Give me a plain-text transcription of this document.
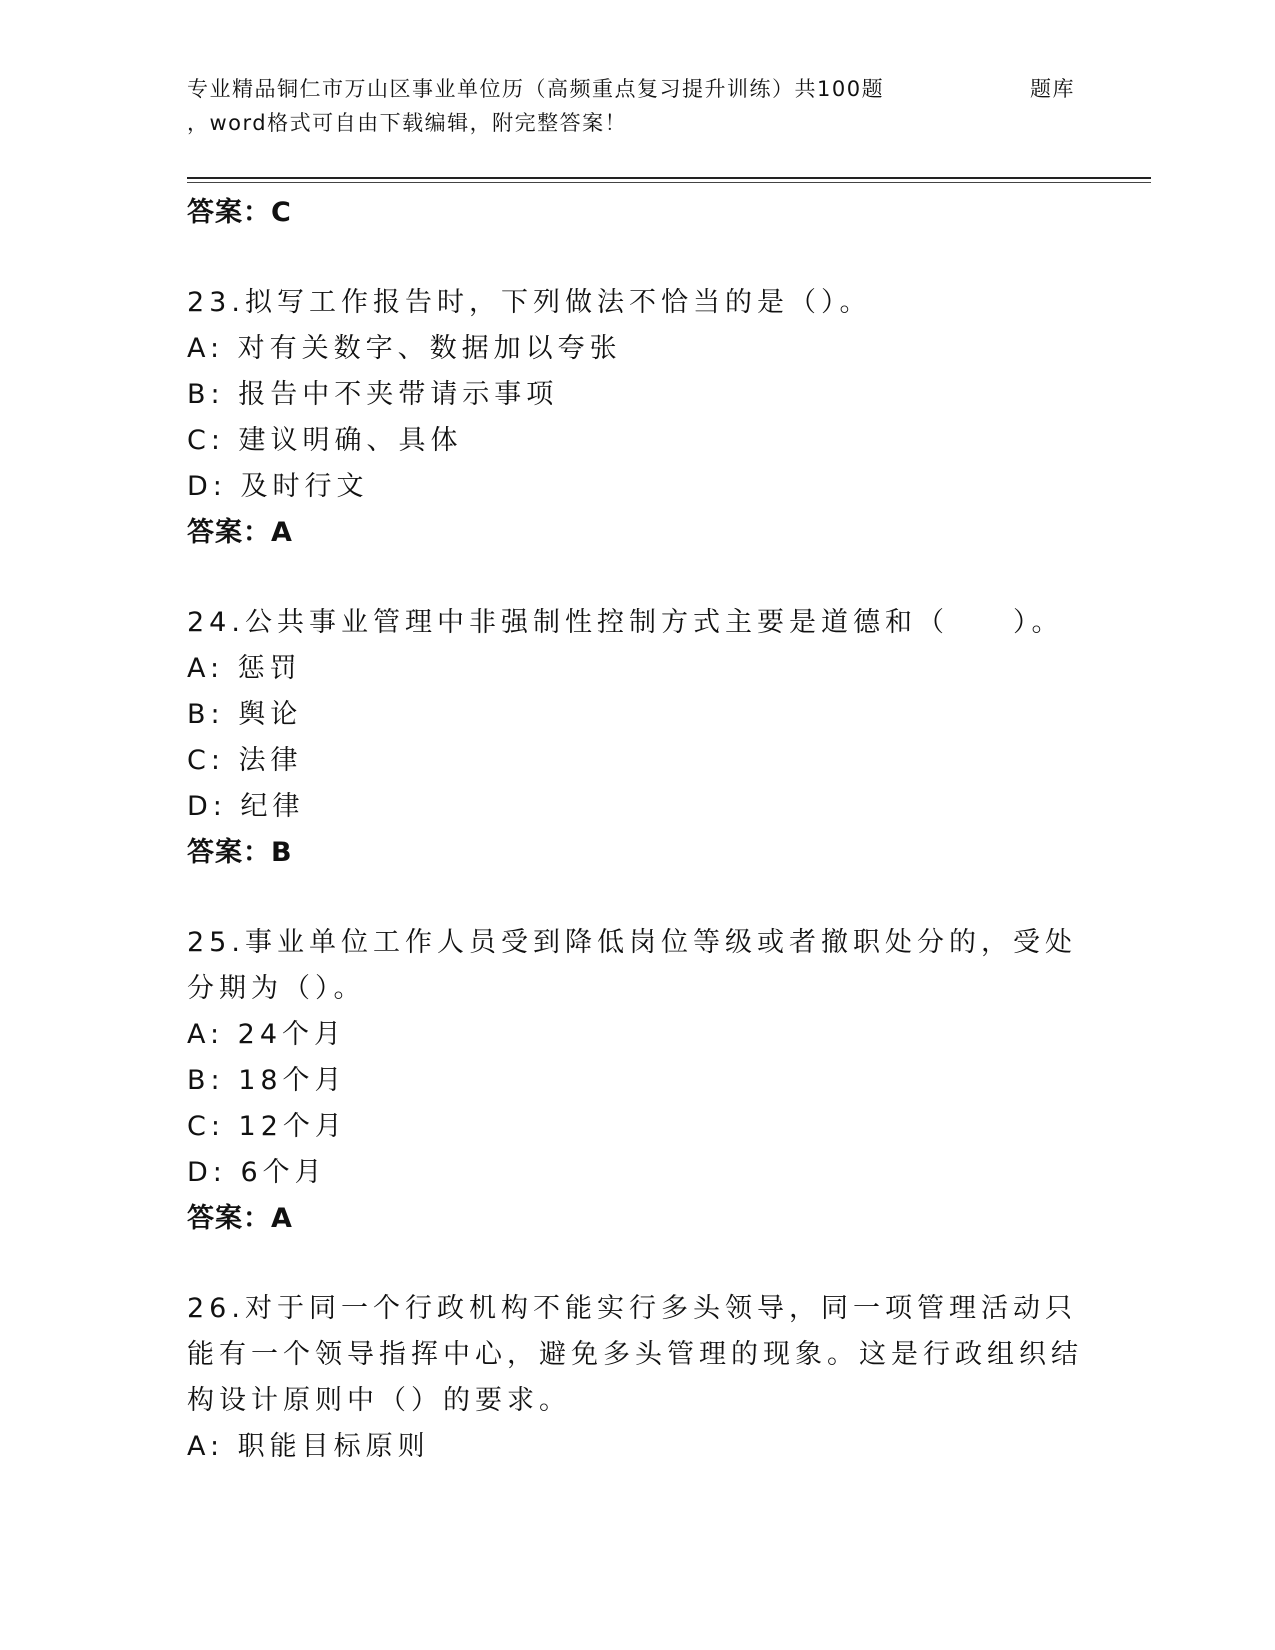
专业精品铜仁市万山区事业单位历（高频重点复习提升训练）共100题
，word格式可自由下载编辑，附完整答案！
题库
答案：C
23.拟写工作报告时，下列做法不恰当的是（）。
A: 对有关数字、数据加以夸张
B: 报告中不夹带请示事项
C: 建议明确、具体
D: 及时行文
答案：A
24.公共事业管理中非强制性控制方式主要是道德和（　　）。
A: 惩罚
B: 舆论
C: 法律
D: 纪律
答案：B
25.事业单位工作人员受到降低岗位等级或者撤职处分的，受处分期为（）。
A: 24个月
B: 18个月
C: 12个月
D: 6个月
答案：A
26.对于同一个行政机构不能实行多头领导，同一项管理活动只能有一个领导指挥中心，避免多头管理的现象。这是行政组织结构设计原则中（）的要求。
A: 职能目标原则
